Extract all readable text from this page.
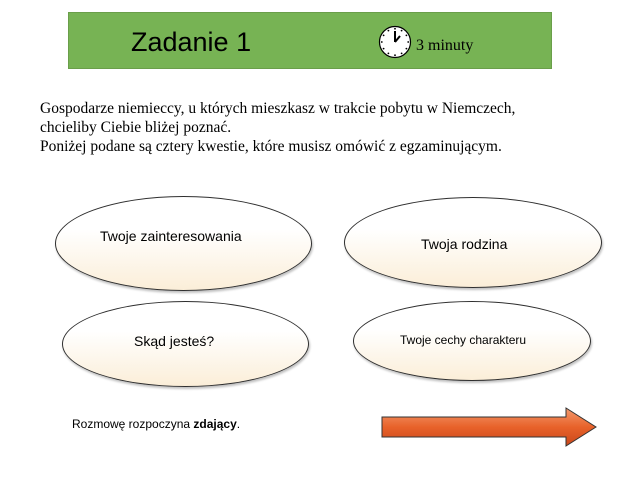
Zadanie 1	3 minuty
Gospodarze niemieccy, u których mieszkasz w trakcie pobytu w Niemczech,
chcieliby Ciebie bliżej poznać.
Poniżej podane są cztery kwestie, które musisz omówić z egzaminującym.
Twoje zainteresowania	Twoja rodzina
Skąd jesteś?	Twoje cechy charakteru
Rozmowę rozpoczyna zdający.
